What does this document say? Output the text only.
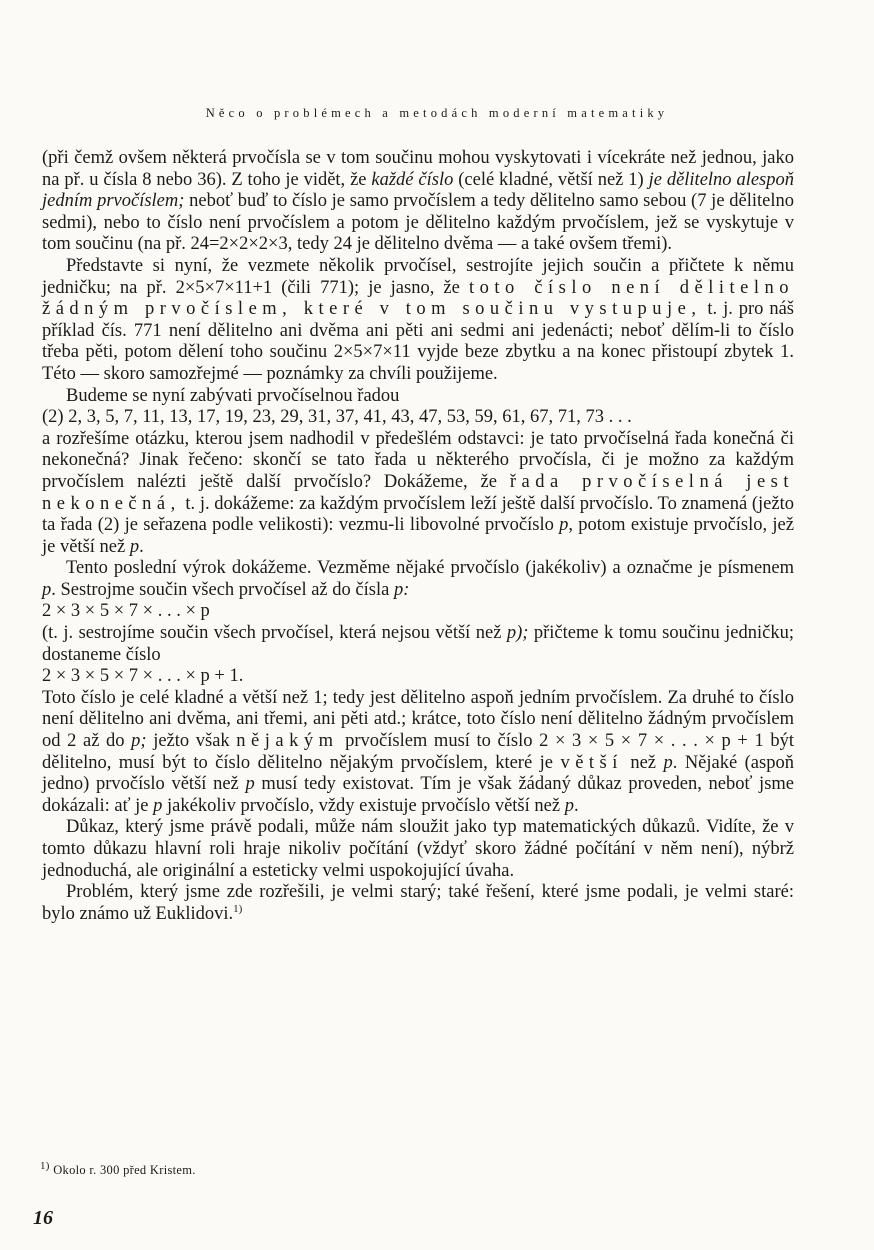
Něco o problémech a metodách moderní matematiky

(při čemž ovšem některá prvočísla se v tom součinu mohou vyskytovati i vícekráte než jednou, jako na př. u čísla 8 nebo 36). Z toho je vidět, že každé číslo (celé kladné, větší než 1) je dělitelno alespoň jedním prvočíslem; neboť buď to číslo je samo prvočíslem a tedy dělitelno samo sebou (7 je dělitelno sedmi), nebo to číslo není prvočíslem a potom je dělitelno každým prvočíslem, jež se vyskytuje v tom součinu (na př. 24=2×2×2×3, tedy 24 je dělitelno dvěma — a také ovšem třemi).

Představte si nyní, že vezmete několik prvočísel, sestrojíte jejich součin a přičtete k němu jedničku; na př. 2×5×7×11+1 (čili 771); je jasno, že toto číslo není dělitelno žádným prvočíslem, které v tom součinu vystupuje, t. j. pro náš příklad čís. 771 není dělitelno ani dvěma ani pěti ani sedmi ani jedenácti; neboť dělím-li to číslo třeba pěti, potom dělení toho součinu 2×5×7×11 vyjde beze zbytku a na konec přistoupí zbytek 1. Této — skoro samozřejmé — poznámky za chvíli použijeme.

Budeme se nyní zabývati prvočíselnou řadou

(2) 2, 3, 5, 7, 11, 13, 17, 19, 23, 29, 31, 37, 41, 43, 47, 53, 59, 61, 67, 71, 73 . . .

a rozřešíme otázku, kterou jsem nadhodil v předešlém odstavci: je tato prvočíselná řada konečná či nekonečná? Jinak řečeno: skončí se tato řada u některého prvočísla, či je možno za každým prvočíslem nalézti ještě další prvočíslo? Dokážeme, že řada prvočíselná jest nekonečná, t. j. dokážeme: za každým prvočíslem leží ještě další prvočíslo. To znamená (ježto ta řada (2) je seřazena podle velikosti): vezmu-li libovolné prvočíslo p, potom existuje prvočíslo, jež je větší než p.

Tento poslední výrok dokážeme. Vezměme nějaké prvočíslo (jakékoliv) a označme je písmenem p. Sestrojme součin všech prvočísel až do čísla p:

2 × 3 × 5 × 7 × . . . × p

(t. j. sestrojíme součin všech prvočísel, která nejsou větší než p); přičteme k tomu součinu jedničku; dostaneme číslo

2 × 3 × 5 × 7 × . . . × p + 1.

Toto číslo je celé kladné a větší než 1; tedy jest dělitelno aspoň jedním prvočíslem. Za druhé to číslo není dělitelno ani dvěma, ani třemi, ani pěti atd.; krátce, toto číslo není dělitelno žádným prvočíslem od 2 až do p; ježto však nějakým prvočíslem musí to číslo 2 × 3 × 5 × 7 × . . . × p + 1 být dělitelno, musí být to číslo dělitelno nějakým prvočíslem, které je větší než p. Nějaké (aspoň jedno) prvočíslo větší než p musí tedy existovat. Tím je však žádaný důkaz proveden, neboť jsme dokázali: ať je p jakékoliv prvočíslo, vždy existuje prvočíslo větší než p.

Důkaz, který jsme právě podali, může nám sloužit jako typ matematických důkazů. Vidíte, že v tomto důkazu hlavní roli hraje nikoliv počítání (vždyť skoro žádné počítání v něm není), nýbrž jednoduchá, ale originální a esteticky velmi uspokojující úvaha.

Problém, který jsme zde rozřešili, je velmi starý; také řešení, které jsme podali, je velmi staré: bylo známo už Euklidovi.$^{1)}$

$^{1)}$ Okolo r. 300 před Kristem.
16
